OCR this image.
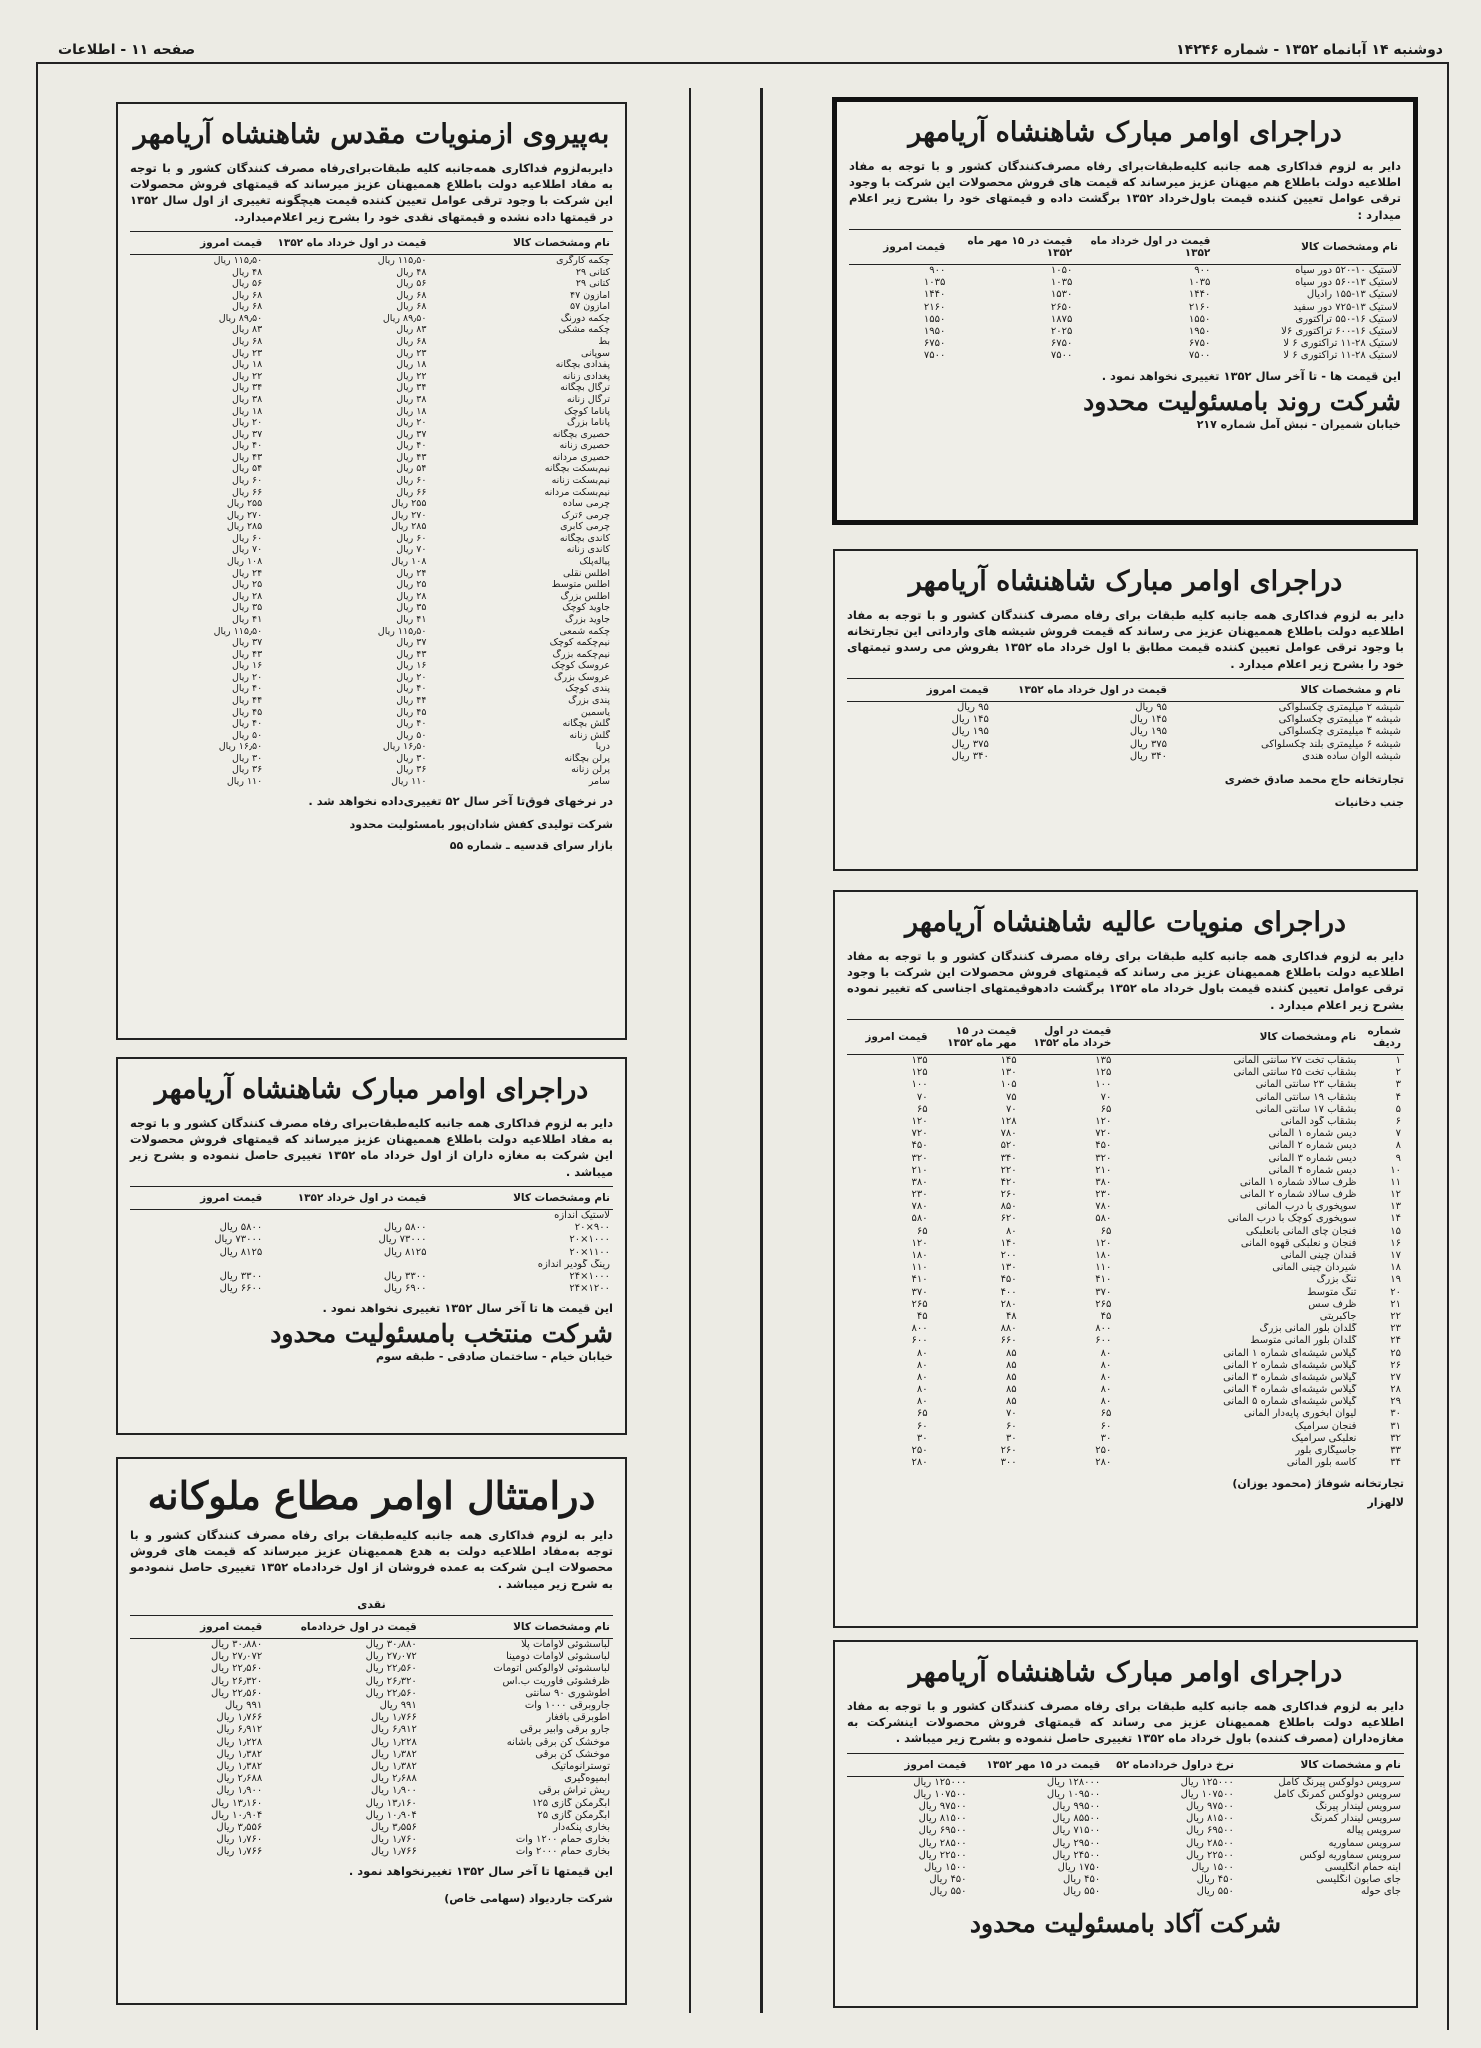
دوشنبه ۱۴ آبانماه ۱۳۵۲ - شماره ۱۴۲۴۶
صفحه ۱۱ - اطلاعات
دراجرای اوامر مبارک شاهنشاه آریامهر

دایر به لزوم فداکاری همه جانبه کلیه‌طبقات‌برای رفاه مصرف‌کنندگان کشور و با توجه به مفاد اطلاعیه دولت باطلاع هم میهنان عزیز میرساند که قیمت های فروش محصولات این شرکت با وجود ترقی عوامل تعیین کننده قیمت باول‌خرداد ۱۳۵۲ برگشت داده و قیمتهای خود را بشرح زیر اعلام میدارد :

نام ومشخصات کالا	قیمت در اول خرداد ماه ۱۳۵۲	قیمت در ۱۵ مهر ماه ۱۳۵۲	قیمت امروز
لاستیک ۱۰-۵۲۰ دور سیاه	۹۰۰	۱۰۵۰	۹۰۰
لاستیک ۱۳-۵۶۰ دور سیاه	۱۰۳۵	۱۰۳۵	۱۰۳۵
لاستیک ۱۳-۱۵۵ رادیال	۱۴۴۰	۱۵۳۰	۱۴۴۰
لاستیک ۱۳-۷۲۵ دور سفید	۲۱۶۰	۲۶۵۰	۲۱۶۰
لاستیک ۱۶-۵۵۰ تراکتوری	۱۵۵۰	۱۸۷۵	۱۵۵۰
لاستیک ۱۶-۶۰۰ تراکتوری ۶لا	۱۹۵۰	۲۰۲۵	۱۹۵۰
لاستیک ۲۸-۱۱ تراکتوری ۶ لا	۶۷۵۰	۶۷۵۰	۶۷۵۰
لاستیک ۲۸-۱۱ تراکتوری ۶ لا	۷۵۰۰	۷۵۰۰	۷۵۰۰
این قیمت ها - تا آخر سال ۱۳۵۲ تغییری نخواهد نمود .
شرکت روند بامسئولیت محدود
خیابان شمیران - نبش آمل شماره ۲۱۷
دراجرای اوامر مبارک شاهنشاه آریامهر

دایر به لزوم فداکاری همه جانبه کلیه طبقات برای رفاه مصرف کنندگان کشور و با توجه به مفاد اطلاعیه دولت باطلاع هممیهنان عزیز می رساند که قیمت فروش شیشه های وارداتی این تجارتخانه با وجود ترقی عوامل تعیین کننده قیمت مطابق با اول خرداد ماه ۱۳۵۲ بفروش می رسدو تیمتهای خود را بشرح زیر اعلام میدارد .

نام و مشخصات کالا	قیمت در اول خرداد ماه ۱۳۵۲	قیمت امروز
شیشه ۲ میلیمتری چکسلواکی	۹۵ ریال	۹۵ ریال
شیشه ۳ میلیمتری چکسلواکی	۱۴۵ ریال	۱۴۵ ریال
شیشه ۴ میلیمتری چکسلواکی	۱۹۵ ریال	۱۹۵ ریال
شیشه ۶ میلیمتری بلند چکسلواکی	۳۷۵ ریال	۳۷۵ ریال
شیشه الوان ساده هندی	۳۴۰ ریال	۳۴۰ ریال
تجارتخانه حاج محمد صادق خضری
جنب دخانیات
دراجرای منویات عالیه شاهنشاه آریامهر

دایر به لزوم فداکاری همه جانبه کلیه طبقات برای رفاه مصرف کنندگان کشور و با توجه به مفاد اطلاعیه دولت باطلاع هممیهنان عزیز می رساند که قیمتهای فروش محصولات این شرکت با وجود ترقی عوامل تعیین کننده قیمت باول خرداد ماه ۱۳۵۲ برگشت دادهوقیمتهای اجناسی که تغییر نموده بشرح زیر اعلام میدارد .

شماره ردیف	نام ومشخصات کالا	قیمت در اول خرداد ماه ۱۳۵۲	قیمت در ۱۵ مهر ماه ۱۳۵۲	قیمت امروز
۱	بشقاب تخت ۲۷ سانتی آلمانی	۱۳۵	۱۴۵	۱۳۵
۲	بشقاب تخت ۲۵ سانتی آلمانی	۱۲۵	۱۳۰	۱۲۵
۳	بشقاب ۲۳ سانتی آلمانی	۱۰۰	۱۰۵	۱۰۰
۴	بشقاب ۱۹ سانتی آلمانی	۷۰	۷۵	۷۰
۵	بشقاب ۱۷ سانتی آلمانی	۶۵	۷۰	۶۵
۶	بشقاب گود آلمانی	۱۲۰	۱۲۸	۱۲۰
۷	دیس شماره ۱ آلمانی	۷۲۰	۷۸۰	۷۲۰
۸	دیس شماره ۲ آلمانی	۴۵۰	۵۲۰	۴۵۰
۹	دیس شماره ۳ آلمانی	۳۲۰	۳۴۰	۳۲۰
۱۰	دیس شماره ۴ آلمانی	۲۱۰	۲۲۰	۲۱۰
۱۱	ظرف سالاد شماره ۱ آلمانی	۳۸۰	۴۲۰	۳۸۰
۱۲	ظرف سالاد شماره ۲ آلمانی	۲۳۰	۲۶۰	۲۳۰
۱۳	سوپخوری با درب آلمانی	۷۸۰	۸۵۰	۷۸۰
۱۴	سوپخوری کوچک با درب آلمانی	۵۸۰	۶۲۰	۵۸۰
۱۵	فنجان چای آلمانی بانعلبکی	۶۵	۸۰	۶۵
۱۶	فنجان و نعلبکی قهوه آلمانی	۱۲۰	۱۴۰	۱۲۰
۱۷	قندان چینی آلمانی	۱۸۰	۲۰۰	۱۸۰
۱۸	شیردان چینی آلمانی	۱۱۰	۱۳۰	۱۱۰
۱۹	تنگ بزرگ	۴۱۰	۴۵۰	۴۱۰
۲۰	تنگ متوسط	۳۷۰	۴۰۰	۳۷۰
۲۱	ظرف سس	۲۶۵	۲۸۰	۲۶۵
۲۲	جاکبریتی	۴۵	۴۸	۴۵
۲۳	گلدان بلور آلمانی بزرگ	۸۰۰	۸۸۰	۸۰۰
۲۴	گلدان بلور آلمانی متوسط	۶۰۰	۶۶۰	۶۰۰
۲۵	گیلاس شیشه‌ای شماره ۱ آلمانی	۸۰	۸۵	۸۰
۲۶	گیلاس شیشه‌ای شماره ۲ آلمانی	۸۰	۸۵	۸۰
۲۷	گیلاس شیشه‌ای شماره ۳ آلمانی	۸۰	۸۵	۸۰
۲۸	گیلاس شیشه‌ای شماره ۴ آلمانی	۸۰	۸۵	۸۰
۲۹	گیلاس شیشه‌ای شماره ۵ آلمانی	۸۰	۸۵	۸۰
۳۰	لیوان آبخوری پایه‌دار آلمانی	۶۵	۷۰	۶۵
۳۱	فنجان سرامیک	۶۰	۶۰	۶۰
۳۲	نعلبکی سرامیک	۳۰	۳۰	۳۰
۳۳	جاسیگاری بلور	۲۵۰	۲۶۰	۲۵۰
۳۴	کاسه بلور آلمانی	۲۸۰	۳۰۰	۲۸۰
تجارتخانه شوفاژ (محمود یوزان)
لالهزار
دراجرای اوامر مبارک شاهنشاه آریامهر

دایر به لزوم فداکاری همه جانبه کلیه طبقات برای رفاه مصرف کنندگان کشور و با توجه به مفاد اطلاعیه دولت باطلاع هممیهنان عزیز می رساند که قیمتهای فروش محصولات اینشرکت به مغازه‌داران (مصرف کننده) باول خرداد ماه ۱۳۵۲ تغییری حاصل ننموده و بشرح زیر میباشد .

نام و مشخصات کالا	نرخ دراول خردادماه ۵۲	قیمت در ۱۵ مهر ۱۳۵۲	قیمت امروز
سرویس دولوکس پیرنگ کامل	۱۲۵۰۰۰ ریال	۱۲۸۰۰۰ ریال	۱۲۵۰۰۰ ریال
سرویس دولوکس کمرنگ کامل	۱۰۷۵۰۰ ریال	۱۰۹۵۰۰ ریال	۱۰۷۵۰۰ ریال
سرویس لیندار پیرنگ	۹۷۵۰۰ ریال	۹۹۵۰۰ ریال	۹۷۵۰۰ ریال
سرویس لیندار کمرنگ	۸۱۵۰۰ ریال	۸۵۵۰۰ ریال	۸۱۵۰۰ ریال
سرویس پیاله	۶۹۵۰۰ ریال	۷۱۵۰۰ ریال	۶۹۵۰۰ ریال
سرویس سماوریه	۲۸۵۰۰ ریال	۲۹۵۰۰ ریال	۲۸۵۰۰ ریال
سرویس سماوریه لوکس	۲۲۵۰۰ ریال	۲۴۵۰۰ ریال	۲۲۵۰۰ ریال
آینه حمام انگلیسی	۱۵۰۰ ریال	۱۷۵۰ ریال	۱۵۰۰ ریال
جای صابون انگلیسی	۴۵۰ ریال	۴۵۰ ریال	۴۵۰ ریال
جای حوله	۵۵۰ ریال	۵۵۰ ریال	۵۵۰ ریال
شرکت آکاد بامسئولیت محدود
به‌پیروی ازمنویات مقدس شاهنشاه آریامهر

دایربه‌لزوم فداکاری همه‌جانبه کلیه طبقات‌برای‌رفاه مصرف کنندگان کشور و با توجه به مفاد اطلاعیه دولت باطلاع هممیهنان عزیز میرساند که قیمتهای فروش محصولات این شرکت با وجود ترقی عوامل تعیین کننده قیمت هیچگونه تغییری از اول سال ۱۳۵۲ در قیمتها داده نشده و قیمتهای نقدی خود را بشرح زیر اعلام‌میدارد.

نام ومشخصات کالا	قیمت در اول خرداد ماه ۱۳۵۲	قیمت امروز
چکمه کارگری	۱۱۵٫۵۰ ریال	۱۱۵٫۵۰ ریال
کتانی ۲۹	۴۸ ریال	۴۸ ریال
کتانی ۲۹	۵۶ ریال	۵۶ ریال
آمازون ۴۷	۶۸ ریال	۶۸ ریال
آمازون ۵۷	۶۸ ریال	۶۸ ریال
چکمه دورنگ	۸۹٫۵۰ ریال	۸۹٫۵۰ ریال
چکمه مشکی	۸۳ ریال	۸۳ ریال
بط	۶۸ ریال	۶۸ ریال
سوپانی	۲۳ ریال	۲۳ ریال
پفدادی بچگانه	۱۸ ریال	۱۸ ریال
پغدادی زنانه	۲۲ ریال	۲۲ ریال
ترگال بچگانه	۳۴ ریال	۳۴ ریال
ترگال زنانه	۳۸ ریال	۳۸ ریال
پاناما کوچک	۱۸ ریال	۱۸ ریال
پاناما بزرگ	۲۰ ریال	۲۰ ریال
حصیری بچگانه	۳۷ ریال	۳۷ ریال
حصیری زنانه	۴۰ ریال	۴۰ ریال
حصیری مردانه	۴۳ ریال	۴۳ ریال
نیم‌بسکت بچگانه	۵۴ ریال	۵۴ ریال
نیم‌بسکت زنانه	۶۰ ریال	۶۰ ریال
نیم‌بسکت مردانه	۶۶ ریال	۶۶ ریال
چرمی ساده	۲۵۵ ریال	۲۵۵ ریال
چرمی ۶ترک	۲۷۰ ریال	۲۷۰ ریال
چرمی کابری	۲۸۵ ریال	۲۸۵ ریال
کاندی بچگانه	۶۰ ریال	۶۰ ریال
کاندی زنانه	۷۰ ریال	۷۰ ریال
پیاله‌پلک	۱۰۸ ریال	۱۰۸ ریال
اطلس نقلی	۲۴ ریال	۲۴ ریال
اطلس متوسط	۲۵ ریال	۲۵ ریال
اطلس بزرگ	۲۸ ریال	۲۸ ریال
جاوید کوچک	۳۵ ریال	۳۵ ریال
جاوید بزرگ	۴۱ ریال	۴۱ ریال
چکمه شمعی	۱۱۵٫۵۰ ریال	۱۱۵٫۵۰ ریال
نیم‌چکمه کوچک	۳۷ ریال	۳۷ ریال
نیم‌چکمه بزرگ	۴۳ ریال	۴۳ ریال
عروسک کوچک	۱۶ ریال	۱۶ ریال
عروسک بزرگ	۲۰ ریال	۲۰ ریال
پندی کوچک	۴۰ ریال	۴۰ ریال
پندی بزرگ	۴۴ ریال	۴۴ ریال
یاسمین	۴۵ ریال	۴۵ ریال
گلش بچگانه	۴۰ ریال	۴۰ ریال
گلش زنانه	۵۰ ریال	۵۰ ریال
دریا	۱۶٫۵۰ ریال	۱۶٫۵۰ ریال
پرلن بچگانه	۳۰ ریال	۳۰ ریال
پرلن زنانه	۳۶ ریال	۳۶ ریال
سامر	۱۱۰ ریال	۱۱۰ ریال
در نرخهای فوق‌تا آخر سال ۵۲ تغییری‌داده نخواهد شد .
شرکت تولیدی کفش شادان‌پور بامسئولیت محدود
بازار سرای قدسیه ـ شماره ۵۵
دراجرای اوامر مبارک شاهنشاه آریامهر

دایر به لزوم فداکاری همه جانبه کلیه‌طبقات‌برای رفاه مصرف کنندگان کشور و با توجه به مفاد اطلاعیه دولت باطلاع هممیهنان عزیز میرساند که قیمتهای فروش محصولات این شرکت به مغازه داران از اول خرداد ماه ۱۳۵۲ تغییری حاصل ننموده و بشرح زیر میباشد .

نام ومشخصات کالا	قیمت در اول خرداد ۱۳۵۲	قیمت امروز
لاستیک اندازه		
۹۰۰×۲۰	۵۸۰۰ ریال	۵۸۰۰ ریال
۱۰۰۰×۲۰	۷۳۰۰۰ ریال	۷۳۰۰۰ ریال
۱۱۰۰×۲۰	۸۱۲۵ ریال	۸۱۲۵ ریال
رینگ گودیر اندازه		
۱۰۰۰×۲۴	۳۳۰۰ ریال	۳۳۰۰ ریال
۱۲۰۰×۲۴	۶۹۰۰ ریال	۶۶۰۰ ریال
این قیمت ها تا آخر سال ۱۳۵۲ تغییری نخواهد نمود .
شرکت منتخب بامسئولیت محدود
خیابان خیام - ساختمان صادقی - طبقه سوم
درامتثال اوامر مطاع ملوکانه

دایر به لزوم فداکاری همه جانبه کلیه‌طبقات برای رفاه مصرف کنندگان کشور و با توجه به‌مفاد اطلاعیه دولت به هدع هممیهنان عزیز میرساند که قیمت های فروش محصولات ایـن شرکت به عمده فروشان از اول خردادماه ۱۳۵۲ تغییری حاصل ننمودمو به شرح زیر میباشد .

نقدی
نام ومشخصات کالا	قیمت در اول خردادماه	قیمت امروز
لباسشوئی لاوامات پلا	۳۰٫۸۸۰ ریال	۳۰٫۸۸۰ ریال
لباسشوئی لاوامات دومینا	۲۷٫۰۷۲ ریال	۲۷٫۰۷۲ ریال
لباسشوئی لاوالوکس اتومات	۲۲٫۵۶۰ ریال	۲۲٫۵۶۰ ریال
ظرفشوئی فاوریت ب.اس	۲۶٫۳۲۰ ریال	۲۶٫۳۲۰ ریال
اطوشوری ۹۰ سانتی	۲۲٫۵۶۰ ریال	۲۲٫۵۶۰ ریال
جاروبرقی ۱۰۰۰ وات	۹۹۱ ریال	۹۹۱ ریال
اطوبرقی بافغار	۱٫۷۶۶ ریال	۱٫۷۶۶ ریال
جارو برقی وآبیر برقی	۶٫۹۱۲ ریال	۶٫۹۱۲ ریال
موخشک کن برقی باشانه	۱٫۲۲۸ ریال	۱٫۲۲۸ ریال
موخشک کن برقی	۱٫۳۸۲ ریال	۱٫۳۸۲ ریال
توسترانوماتیک	۱٫۳۸۲ ریال	۱٫۳۸۲ ریال
آبمیوه‌گیری	۲٫۶۸۸ ریال	۲٫۶۸۸ ریال
ریش تراش برقی	۱٫۹۰۰ ریال	۱٫۹۰۰ ریال
آبگرمکن گازی ۱۲۵	۱۳٫۱۶۰ ریال	۱۳٫۱۶۰ ریال
آبگرمکن گازی ۲۵	۱۰٫۹۰۴ ریال	۱۰٫۹۰۴ ریال
بخاری پنکه‌دار	۳٫۵۵۶ ریال	۳٫۵۵۶ ریال
بخاری حمام ۱۲۰۰ وات	۱٫۷۶۰ ریال	۱٫۷۶۰ ریال
بخاری حمام ۲۰۰۰ وات	۱٫۷۶۶ ریال	۱٫۷۶۶ ریال
این قیمتها تا آخر سال ۱۳۵۲ تغییرنخواهد نمود .
شرکت جاردیواد (سهامی خاص)
